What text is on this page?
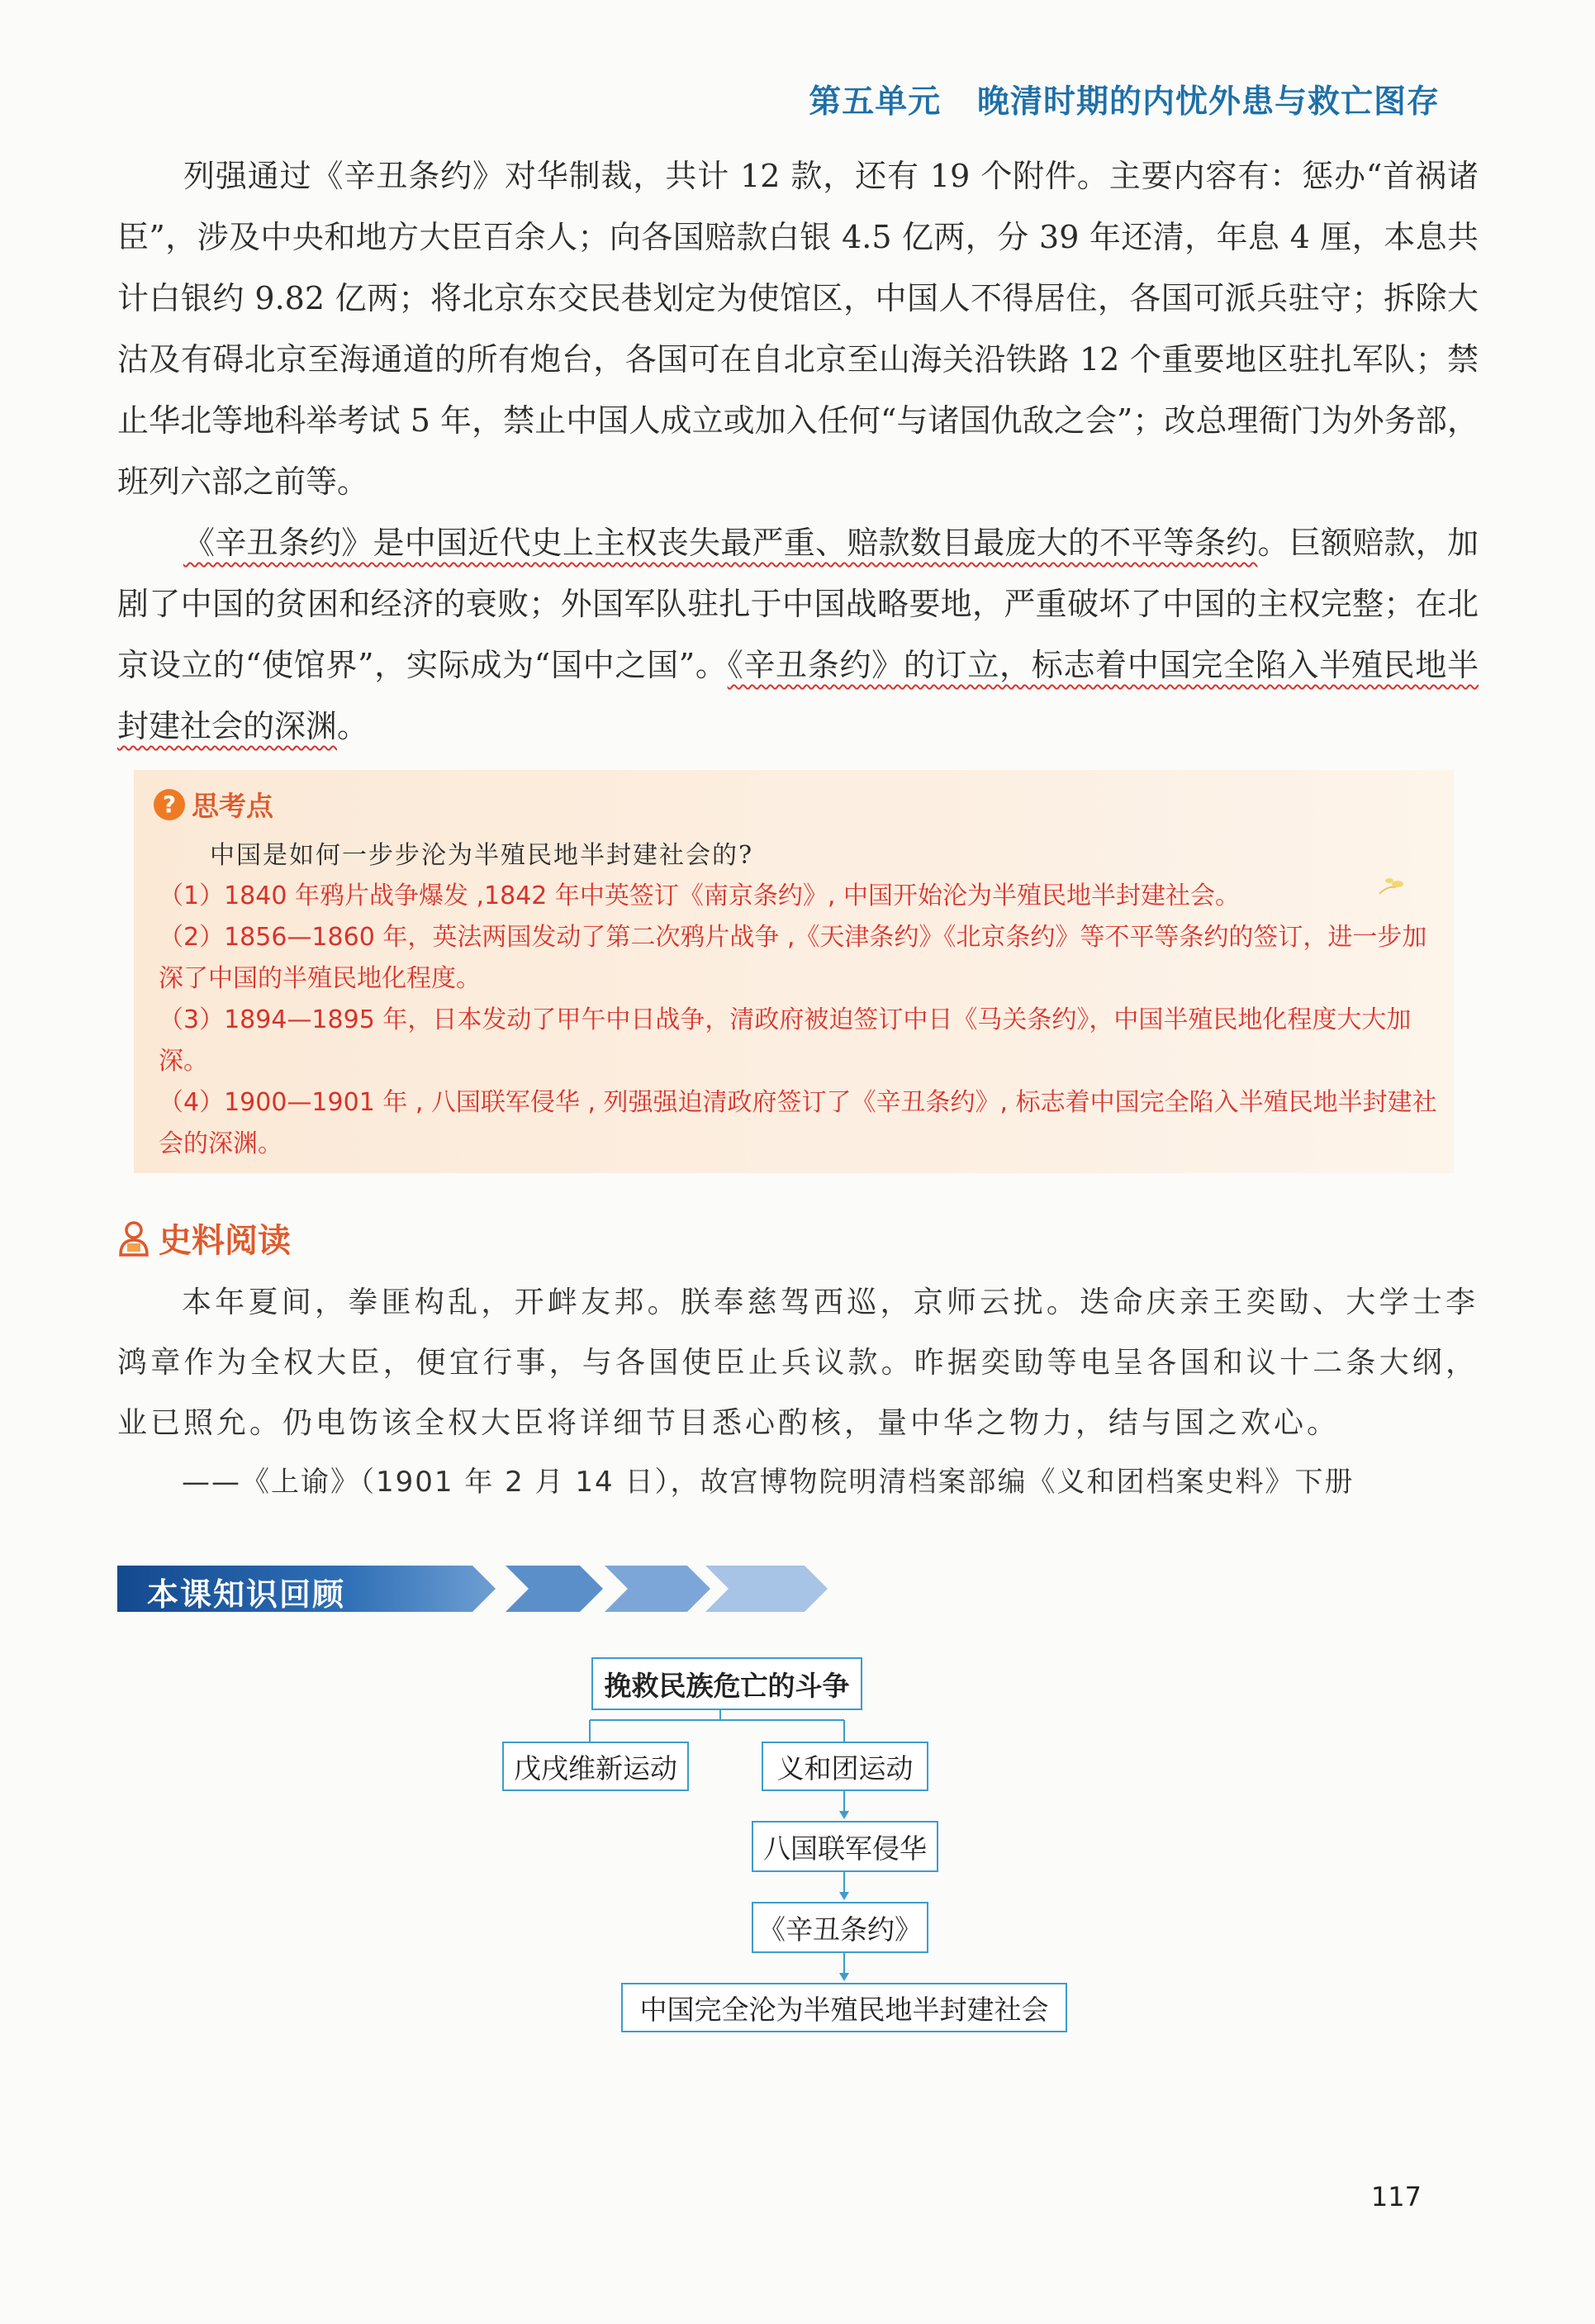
第五单元 晚清时期的内忧外患与救亡图存

列强通过《辛丑条约》对华制裁，共计 12 款，还有 19 个附件。主要内容有：惩办“首祸诸臣”，涉及中央和地方大臣百余人；向各国赔款白银 4.5 亿两，分 39 年还清，年息 4 厘，本息共计白银约 9.82 亿两；将北京东交民巷划定为使馆区，中国人不得居住，各国可派兵驻守；拆除大沽及有碍北京至海通道的所有炮台，各国可在自北京至山海关沿铁路 12 个重要地区驻扎军队；禁止华北等地科举考试 5 年，禁止中国人成立或加入任何“与诸国仇敌之会”；改总理衙门为外务部，班列六部之前等。

《辛丑条约》是中国近代史上主权丧失最严重、赔款数目最庞大的不平等条约。巨额赔款，加剧了中国的贫困和经济的衰败；外国军队驻扎于中国战略要地，严重破坏了中国的主权完整；在北京设立的“使馆界”，实际成为“国中之国”。《辛丑条约》的订立，标志着中国完全陷入半殖民地半封建社会的深渊。

? 思考点
中国是如何一步步沦为半殖民地半封建社会的?
（1）1840 年鸦片战争爆发 ,1842 年中英签订《南京条约》, 中国开始沦为半殖民地半封建社会。
（2）1856—1860 年，英法两国发动了第二次鸦片战争 ,《天津条约》《北京条约》等不平等条约的签订，进一步加深了中国的半殖民地化程度。
（3）1894—1895 年，日本发动了甲午中日战争，清政府被迫签订中日《马关条约》，中国半殖民地化程度大大加深。
（4）1900—1901 年 , 八国联军侵华 , 列强强迫清政府签订了《辛丑条约》, 标志着中国完全陷入半殖民地半封建社会的深渊。
史料阅读

本年夏间，拳匪构乱，开衅友邦。朕奉慈驾西巡，京师云扰。迭命庆亲王奕劻、大学士李鸿章作为全权大臣，便宜行事，与各国使臣止兵议款。昨据奕劻等电呈各国和议十二条大纲，业已照允。仍电饬该全权大臣将详细节目悉心酌核，量中华之物力，结与国之欢心。

——《上谕》（1901 年 2 月 14 日），故宫博物院明清档案部编《义和团档案史料》下册
本课知识回顾
挽救民族危亡的斗争
戊戌维新运动	义和团运动
八国联军侵华
《辛丑条约》
中国完全沦为半殖民地半封建社会
117
